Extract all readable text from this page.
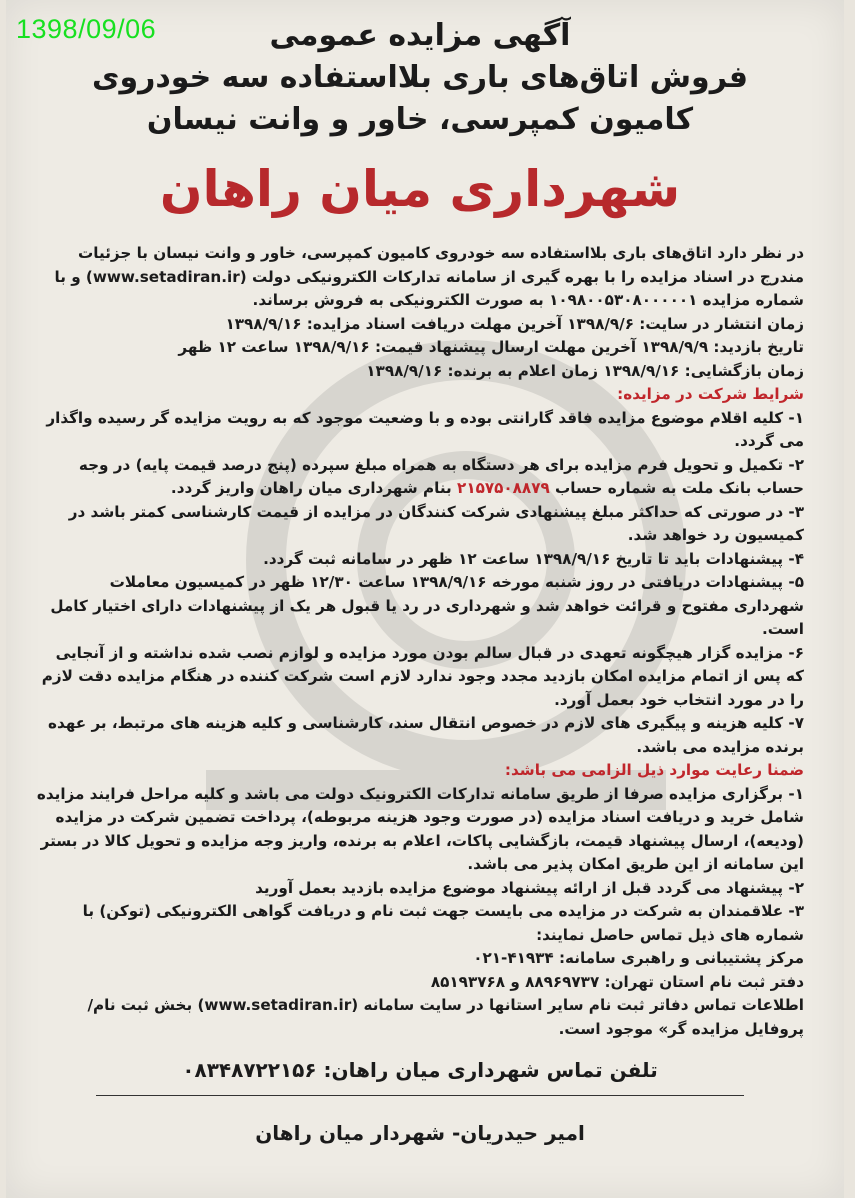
1398/09/06	آگهی مزایده عمومی
فروش اتاق‌های باری بلااستفاده سه خودروی
کامیون کمپرسی، خاور و وانت نیسان
شهرداری میان راهان

در نظر دارد اتاق‌های باری بلااستفاده سه خودروی کامیون کمپرسی، خاور و وانت نیسان با جزئیات مندرج در اسناد مزایده را با بهره گیری از سامانه تدارکات الکترونیکی دولت (www.setadiran.ir) و با شماره مزایده ۱۰۹۸۰۰۵۳۰۸۰۰۰۰۰۱ به صورت الکترونیکی به فروش برساند.

زمان انتشار در سایت: ۱۳۹۸/۹/۶ آخرین مهلت دریافت اسناد مزایده: ۱۳۹۸/۹/۱۶

تاریخ بازدید: ۱۳۹۸/۹/۹ آخرین مهلت ارسال پیشنهاد قیمت: ۱۳۹۸/۹/۱۶ ساعت ۱۲ ظهر

زمان بازگشایی: ۱۳۹۸/۹/۱۶ زمان اعلام به برنده: ۱۳۹۸/۹/۱۶

شرایط شرکت در مزایده:

۱- کلیه اقلام موضوع مزایده فاقد گارانتی بوده و با وضعیت موجود که به رویت مزایده گر رسیده واگذار می گردد.

۲- تکمیل و تحویل فرم مزایده برای هر دستگاه به همراه مبلغ سپرده (پنج درصد قیمت پایه) در وجه حساب بانک ملت به شماره حساب ۲۱۵۷۵۰۸۸۷۹ بنام شهرداری میان راهان واریز گردد.

۳- در صورتی که حداکثر مبلغ پیشنهادی شرکت کنندگان در مزایده از قیمت کارشناسی کمتر باشد در کمیسیون رد خواهد شد.

۴- پیشنهادات باید تا تاریخ ۱۳۹۸/۹/۱۶ ساعت ۱۲ ظهر در سامانه ثبت گردد.

۵- پیشنهادات دریافتی در روز شنبه مورخه ۱۳۹۸/۹/۱۶ ساعت ۱۲/۳۰ ظهر در کمیسیون معاملات شهرداری مفتوح و قرائت خواهد شد و شهرداری در رد یا قبول هر یک از پیشنهادات دارای اختیار کامل است.

۶- مزایده گزار هیچگونه تعهدی در قبال سالم بودن مورد مزایده و لوازم نصب شده نداشته و از آنجایی که پس از اتمام مزایده امکان بازدید مجدد وجود ندارد لازم است شرکت کننده در هنگام مزایده دقت لازم را در مورد انتخاب خود بعمل آورد.

۷- کلیه هزینه و پیگیری های لازم در خصوص انتقال سند، کارشناسی و کلیه هزینه های مرتبط، بر عهده برنده مزایده می باشد.

ضمنا رعایت موارد ذیل الزامی می باشد:

۱- برگزاری مزایده صرفا از طریق سامانه تدارکات الکترونیک دولت می باشد و کلیه مراحل فرایند مزایده شامل خرید و دریافت اسناد مزایده (در صورت وجود هزینه مربوطه)، پرداخت تضمین شرکت در مزایده (ودیعه)، ارسال پیشنهاد قیمت، بازگشایی پاکات، اعلام به برنده، واریز وجه مزایده و تحویل کالا در بستر این سامانه از این طریق امکان پذیر می باشد.

۲- پیشنهاد می گردد قبل از ارائه پیشنهاد موضوع مزایده بازدید بعمل آورید

۳- علاقمندان به شرکت در مزایده می بایست جهت ثبت نام و دریافت گواهی الکترونیکی (توکن) با شماره های ذیل تماس حاصل نمایند:

مرکز پشتیبانی و راهبری سامانه: ۴۱۹۳۴-۰۲۱

دفتر ثبت نام استان تهران: ۸۸۹۶۹۷۳۷ و ۸۵۱۹۳۷۶۸

اطلاعات تماس دفاتر ثبت نام سایر استانها در سایت سامانه (www.setadiran.ir) بخش ثبت نام/ پروفایل مزایده گر» موجود است.

تلفن تماس شهرداری میان راهان: ۰۸۳۴۸۷۲۲۱۵۶
امیر حیدریان- شهردار میان راهان
